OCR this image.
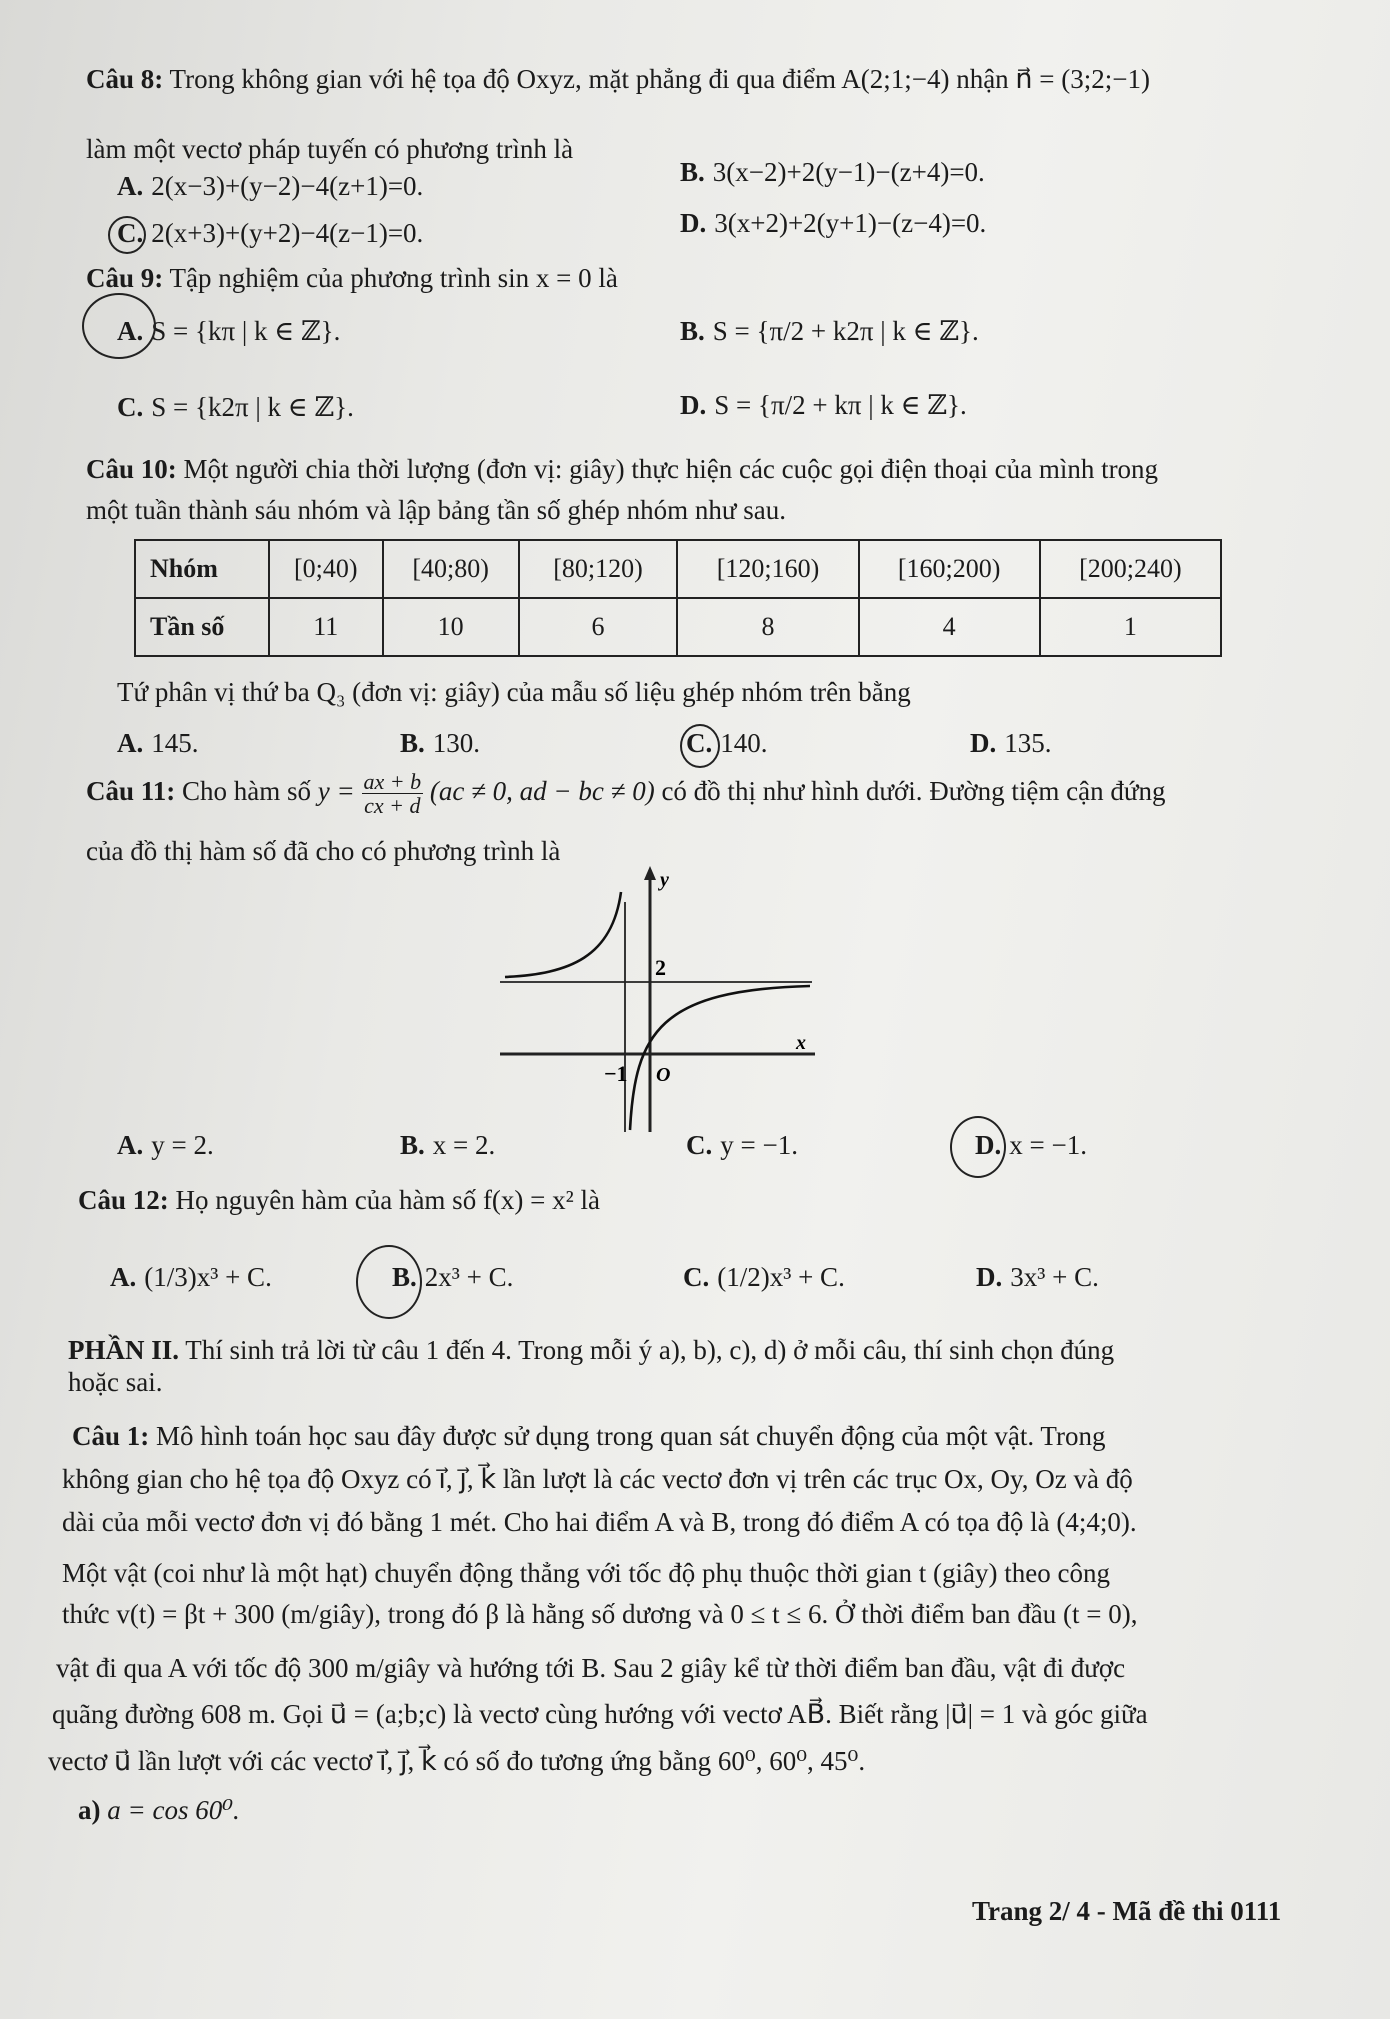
Câu 8: Trong không gian với hệ tọa độ Oxyz, mặt phẳng đi qua điểm A(2;1;−4) nhận n⃗ = (3;2;−1)
làm một vectơ pháp tuyến có phương trình là
A. 2(x−3)+(y−2)−4(z+1)=0.	B. 3(x−2)+2(y−1)−(z+4)=0.
C. 2(x+3)+(y+2)−4(z−1)=0.	D. 3(x+2)+2(y+1)−(z−4)=0.
Câu 9: Tập nghiệm của phương trình sin x = 0 là
A. S = {kπ | k ∈ ℤ}.	B. S = {π/2 + k2π | k ∈ ℤ}.
C. S = {k2π | k ∈ ℤ}.	D. S = {π/2 + kπ | k ∈ ℤ}.
Câu 10: Một người chia thời lượng (đơn vị: giây) thực hiện các cuộc gọi điện thoại của mình trong
một tuần thành sáu nhóm và lập bảng tần số ghép nhóm như sau.
Nhóm	[0;40)	[40;80)	[80;120)	[120;160)	[160;200)	[200;240)
Tần số	11	10	6	8	4	1
Tứ phân vị thứ ba Q₃ (đơn vị: giây) của mẫu số liệu ghép nhóm trên bằng
A. 145.	B. 130.	C. 140.	D. 135.
Câu 11: Cho hàm số $y = \frac{ax + b}{cx + d} (ac \ne 0$, ad − bc ≠ 0) có đồ thị như hình dưới. Đường tiệm cận đứng
của đồ thị hàm số đã cho có phương trình là
y
x
2
−1 O
A. y = 2.	B. x = 2.	C. y = −1.	D. x = −1.
Câu 12: Họ nguyên hàm của hàm số f(x) = x² là
A. (1/3)x³ + C.	B. 2x³ + C.	C. (1/2)x³ + C.	D. 3x³ + C.
PHẦN II. Thí sinh trả lời từ câu 1 đến 4. Trong mỗi ý a), b), c), d) ở mỗi câu, thí sinh chọn đúng
hoặc sai.
Câu 1: Mô hình toán học sau đây được sử dụng trong quan sát chuyển động của một vật. Trong
không gian cho hệ tọa độ Oxyz có i⃗, j⃗, k⃗ lần lượt là các vectơ đơn vị trên các trục Ox, Oy, Oz và độ
dài của mỗi vectơ đơn vị đó bằng 1 mét. Cho hai điểm A và B, trong đó điểm A có tọa độ là (4;4;0).
Một vật (coi như là một hạt) chuyển động thẳng với tốc độ phụ thuộc thời gian t (giây) theo công
thức v(t) = βt + 300 (m/giây), trong đó β là hằng số dương và 0 ≤ t ≤ 6. Ở thời điểm ban đầu (t = 0),
vật đi qua A với tốc độ 300 m/giây và hướng tới B. Sau 2 giây kể từ thời điểm ban đầu, vật đi được
quãng đường 608 m. Gọi u⃗ = (a;b;c) là vectơ cùng hướng với vectơ AB⃗. Biết rằng |u⃗| = 1 và góc giữa
vectơ u⃗ lần lượt với các vectơ i⃗, j⃗, k⃗ có số đo tương ứng bằng 60⁰, 60⁰, 45⁰.
a) a = cos 60⁰.
Trang 2/ 4 - Mã đề thi 0111
